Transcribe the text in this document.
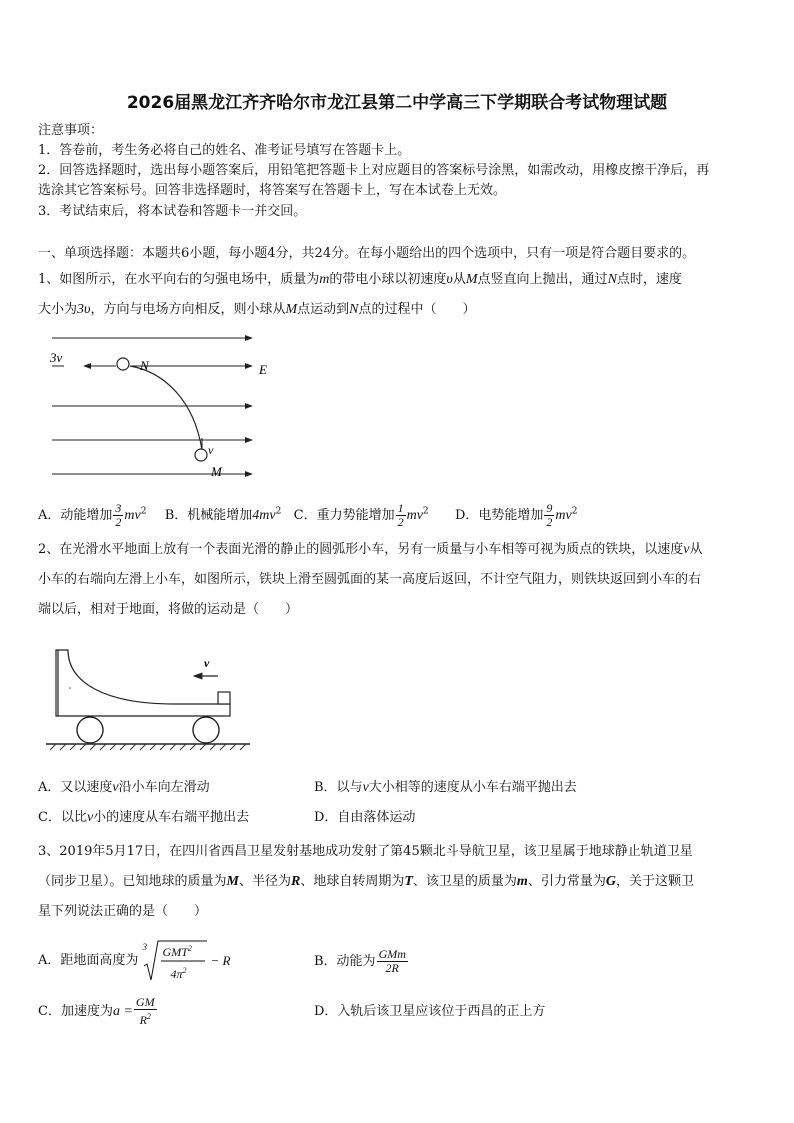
2026届黑龙江齐齐哈尔市龙江县第二中学高三下学期联合考试物理试题
注意事项：
1．答卷前，考生务必将自己的姓名、准考证号填写在答题卡上。
2．回答选择题时，选出每小题答案后，用铅笔把答题卡上对应题目的答案标号涂黑，如需改动，用橡皮擦干净后，再
选涂其它答案标号。回答非选择题时，将答案写在答题卡上，写在本试卷上无效。
3．考试结束后，将本试卷和答题卡一并交回。
一、单项选择题：本题共6小题，每小题4分，共24分。在每小题给出的四个选项中，只有一项是符合题目要求的。
1、如图所示，在水平向右的匀强电场中，质量为m的带电小球以初速度υ从M点竖直向上抛出，通过N点时，速度
大小为3υ，方向与电场方向相反，则小球从M点运动到N点的过程中（　　）
3v
N	E
v
M
A．动能增加 $\frac{3}{2} mv^2$ B．机械能增加$4mv^2$ C．重力势能增加 $\frac{1}{2} mv^2$ D．电势能增加 $\frac{9}{2} mv^2$
2、在光滑水平地面上放有一个表面光滑的静止的圆弧形小车，另有一质量与小车相等可视为质点的铁块，以速度v从
小车的右端向左滑上小车，如图所示，铁块上滑至圆弧面的某一高度后返回，不计空气阻力，则铁块返回到小车的右
端以后，相对于地面，将做的运动是（　　）
v
A．又以速度v沿小车向左滑动	B．以与v大小相等的速度从小车右端平抛出去
C．以比v小的速度从车右端平抛出去	D．自由落体运动
3、2019年5月17日，在四川省西昌卫星发射基地成功发射了第45颗北斗导航卫星，该卫星属于地球静止轨道卫星
（同步卫星）。已知地球的质量为M、半径为R、地球自转周期为T、该卫星的质量为m、引力常量为G，关于这颗卫
星下列说法正确的是（　　）
A．距地面高度为
3 GMT$^2$
$4\pi^2$
− R	B．动能为 $\frac{\text{GMm}}{2R}$
C．加速度为$a = \frac{GM}{R^2}$	D．入轨后该卫星应该位于西昌的正上方
